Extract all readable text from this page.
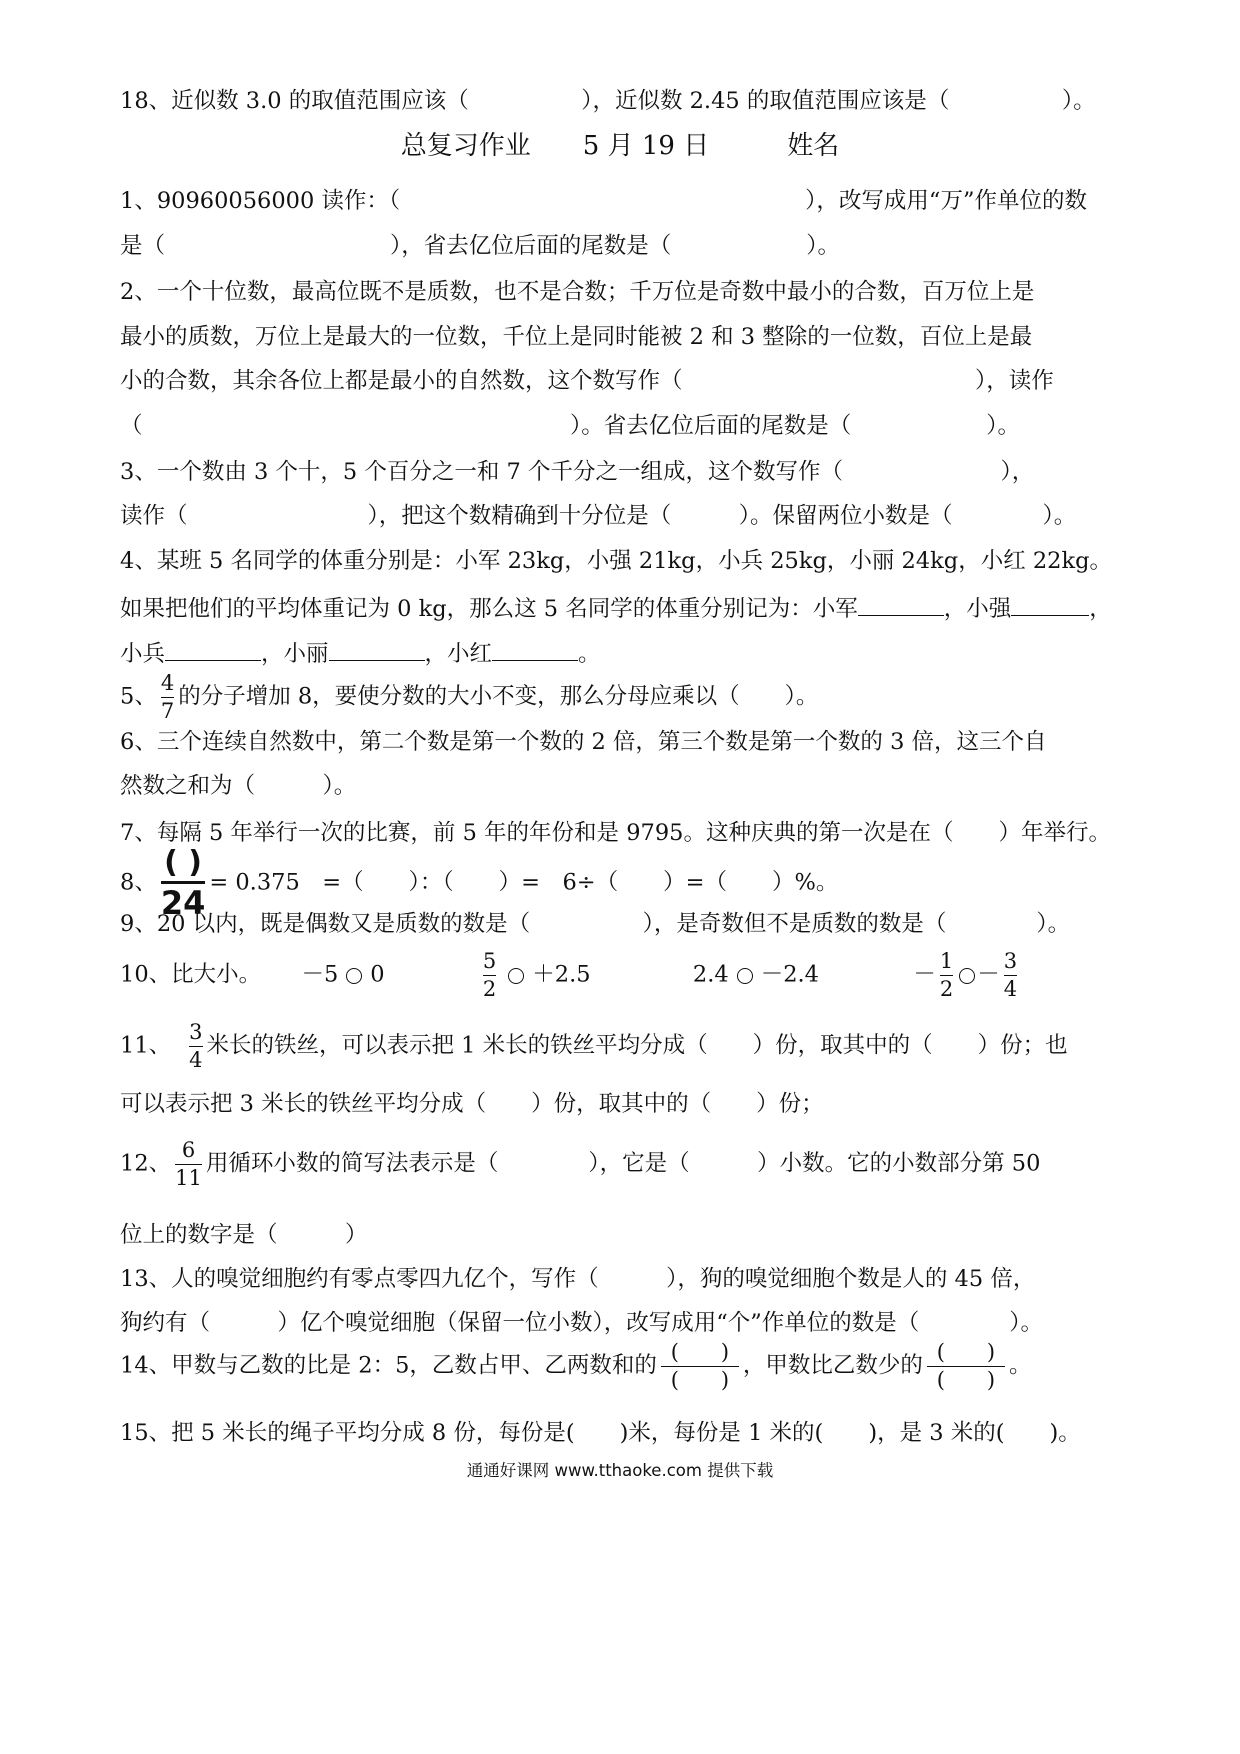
18、近似数 3.0 的取值范围应该（　　　　　），近似数 2.45 的取值范围应该是（　　　　　）。
总复习作业　　5 月 19 日　　　姓名
1、90960056000 读作：（　　　　　　　　　　　　　　　　　　），改写成用“万”作单位的数
是（　　　　　　　　　　），省去亿位后面的尾数是（　　　　　　）。
2、一个十位数，最高位既不是质数，也不是合数；千万位是奇数中最小的合数，百万位上是
最小的质数，万位上是最大的一位数，千位上是同时能被 2 和 3 整除的一位数，百位上是最
小的合数，其余各位上都是最小的自然数，这个数写作（　　　　　　　　　　　　　），读作
（　　　　　　　　　　　　　　　　　　　）。省去亿位后面的尾数是（　　　　　　）。
3、一个数由 3 个十，5 个百分之一和 7 个千分之一组成，这个数写作（　　　　　　　），
读作（　　　　　　　　），把这个数精确到十分位是（　　　）。保留两位小数是（　　　　）。
4、某班 5 名同学的体重分别是：小军 23kg，小强 21kg，小兵 25kg，小丽 24kg，小红 22kg。
如果把他们的平均体重记为 0 kg，那么这 5 名同学的体重分别记为：小军	，小强	，
小兵	，小丽	，小红	。
5、 $\frac{4}{7}$ 的分子增加 8，要使分数的大小不变，那么分母应乘以（　　）。
6、三个连续自然数中，第二个数是第一个数的 2 倍，第三个数是第一个数的 3 倍，这三个自
然数之和为（　　　）。
7、每隔 5 年举行一次的比赛，前 5 年的年份和是 9795。这种庆典的第一次是在（　　）年举行。
8、 $\frac{( )}{24} = 0.375$　=（　　）：（　　）=　6÷（　　）=（　　）%。
9、20 以内，既是偶数又是质数的数是（　　　　　），是奇数但不是质数的数是（　　　　）。
10、比大小。 －5 0	$\frac{5}{2} +2.5$	2.4 －2.4	－ $\frac{1}{2} - \frac{3}{4}$
11、 $\frac{3}{4}$ 米长的铁丝，可以表示把 1 米长的铁丝平均分成（　　）份，取其中的（　　）份；也
可以表示把 3 米长的铁丝平均分成（　　）份，取其中的（　　）份；
12、 $\frac{6}{11}$ 用循环小数的简写法表示是（　　　　），它是（　　　）小数。它的小数部分第 50
位上的数字是（　　　）
13、人的嗅觉细胞约有零点零四九亿个，写作（　　　），狗的嗅觉细胞个数是人的 45 倍，
狗约有（　　　）亿个嗅觉细胞（保留一位小数），改写成用“个”作单位的数是（　　　　）。
14、甲数与乙数的比是 2：5，乙数占甲、乙两数和的 $\frac{( )}{( )}$ ，甲数比乙数少的 $\frac{( )}{( )}$ 。
15、把 5 米长的绳子平均分成 8 份，每份是(　　)米，每份是 1 米的(　　)，是 3 米的(　　)。
通通好课网 www.tthaoke.com 提供下载
